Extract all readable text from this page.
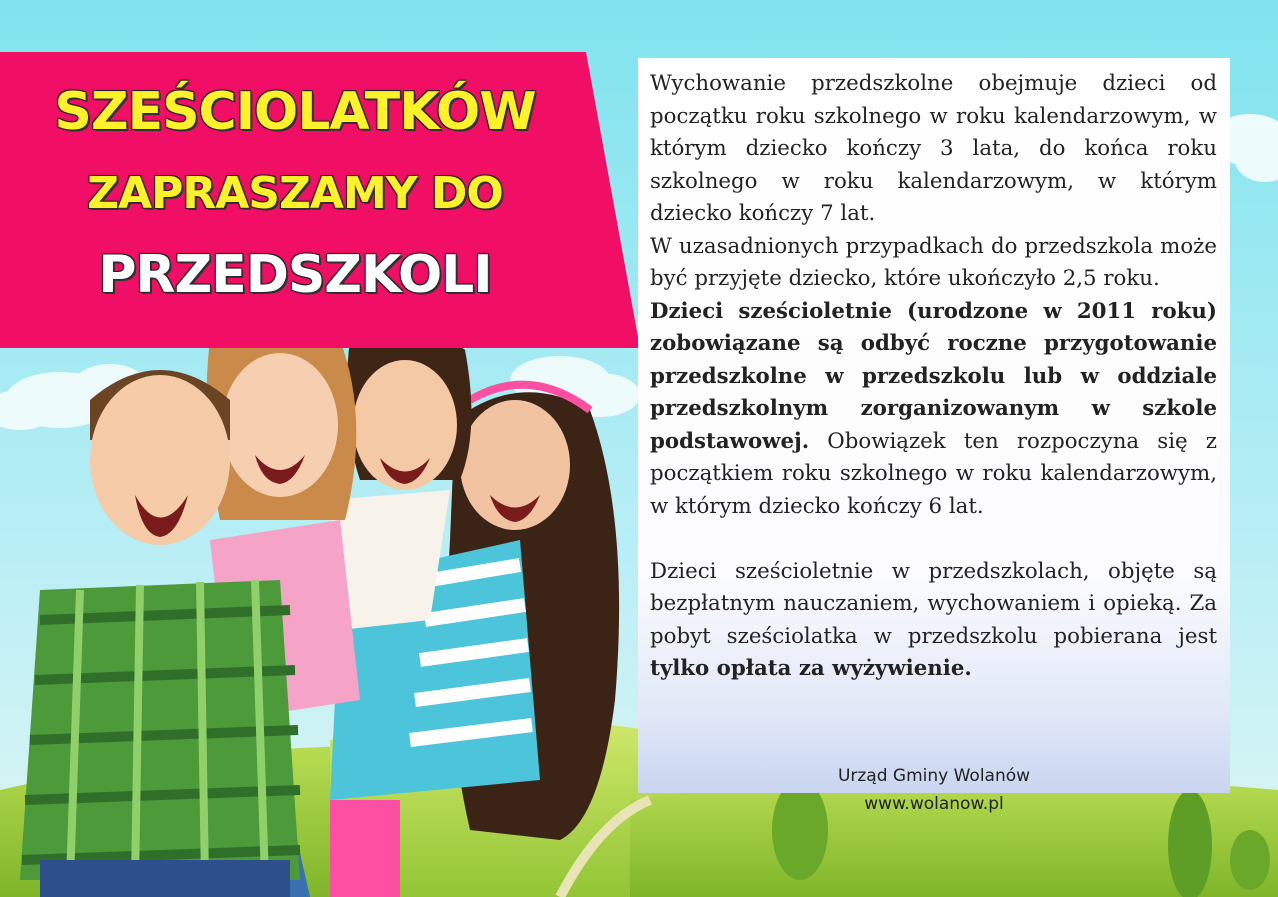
SZEŚCIOLATKÓW
ZAPRASZAMY DO
PRZEDSZKOLI

Wychowanie przedszkolne obejmuje dzieci od początku roku szkolnego w roku kalendarzowym, w którym dziecko kończy 3 lata, do końca roku szkolnego w roku kalendarzowym, w którym dziecko kończy 7 lat.

W uzasadnionych przypadkach do przedszkola może być przyjęte dziecko, które ukończyło 2,5 roku.

Dzieci sześcioletnie (urodzone w 2011 roku) zobowiązane są odbyć roczne przygotowanie przedszkolne w przedszkolu lub w oddziale przedszkolnym zorganizowanym w szkole podstawowej. Obowiązek ten rozpoczyna się z początkiem roku szkolnego w roku kalendarzowym, w którym dziecko kończy 6 lat.

Dzieci sześcioletnie w przedszkolach, objęte są bezpłatnym nauczaniem, wychowaniem i opieką. Za pobyt sześciolatka w przedszkolu pobierana jest tylko opłata za wyżywienie.

Urząd Gminy Wolanów
www.wolanow.pl
